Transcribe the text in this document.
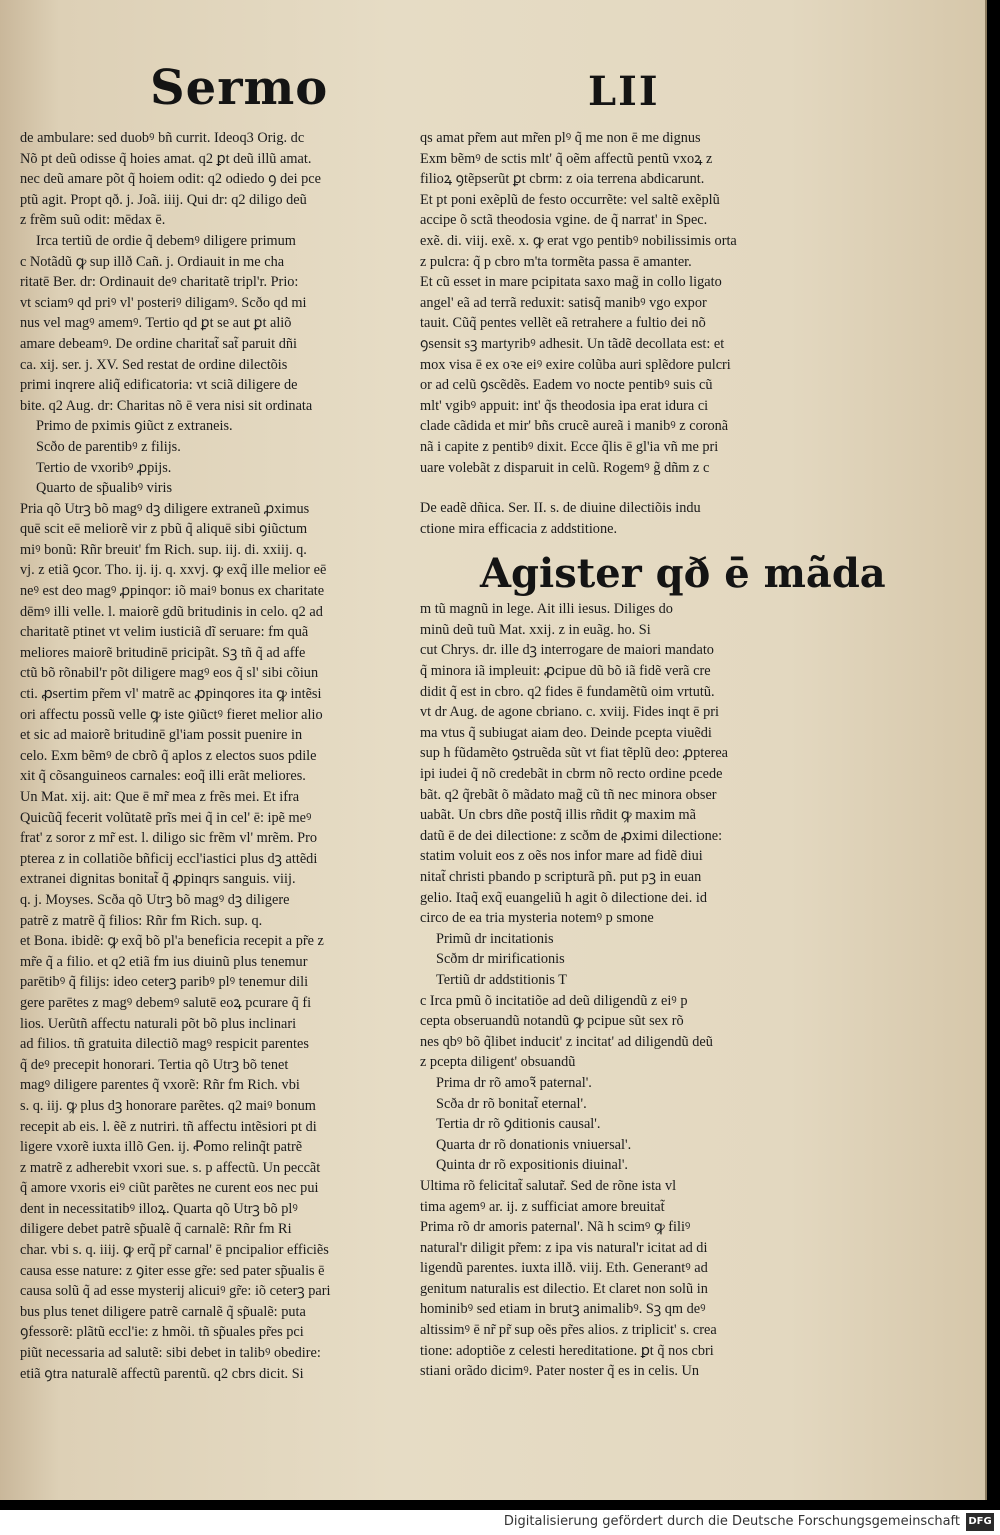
Sermo	LII

de ambulare: sed duobꝰ bñ currit. Ideoq3 Orig. dc

Nõ pt deũ odisse q̃ hoies amat. q2 ꝑt deũ illũ amat.

nec deũ amare põt q̃ hoiem odit: q2 odiedo ꝯ dei pce

ptũ agit. Propt qð. j. Joã. iiij. Qui dr: q2 diligo deũ

z frẽm suũ odit: mēdax ē.

Irca tertiũ de ordie q̃ debemꝰ diligere primum

c Notãdũ ꝙ sup illð Cañ. j. Ordiauit in me cha

ritatē Ber. dr: Ordinauit deꝰ charitatẽ tripl'r. Prio:

vt sciamꝰ qd priꝰ vl' posteriꝰ diligamꝰ. Scðo qd mi

nus vel magꝰ amemꝰ. Tertio qd ꝑt se aut ꝑt aliõ

amare debeamꝰ. De ordine charitat̃ sat̃ paruit dñi

ca. xij. ser. j. XV. Sed restat de ordine dilectõis

primi inqrere aliq̃ edificatoria: vt sciã diligere de

bite. q2 Aug. dr: Charitas nõ ē vera nisi sit ordinata

Primo de pximis ꝯiũct z extraneis.

Scðo de parentibꝰ z filijs.

Tertio de vxoribꝰ ꝓpijs.

Quarto de sp̃ualibꝰ viris

Pria qõ Utrꝫ bõ magꝰ dꝫ diligere extraneũ ꝓximus

quē scit eē meliorẽ vir z pbũ q̃ aliquē sibi ꝯiũctum

miꝰ bonũ: Rñr breuit' fm Rich. sup. iij. di. xxiij. q.

vj. z etiã ꝯcor. Tho. ij. ij. q. xxvj. ꝙ exq̃ ille melior eē

neꝰ est deo magꝰ ꝓpinqor: iõ maiꝰ bonus ex charitate

dēmꝰ illi velle. l. maiorẽ gdũ britudinis in celo. q2 ad

charitatẽ ptinet vt velim iusticiã dĩ seruare: fm quã

meliores maiorẽ britudinē pricipãt. Sꝫ tñ q̃ ad affe

ctũ bõ rõnabil'r põt diligere magꝰ eos q̃ sl' sibi cõiun

cti. ꝓsertim pr̃em vl' matrẽ ac ꝓpinqores ita ꝙ intẽsi

ori affectu possũ velle ꝙ iste ꝯiũctꝰ fieret melior alio

et sic ad maiorẽ britudinē gl'iam possit puenire in

celo. Exm bẽmꝰ de cbrõ q̃ aplos z electos suos pdile

xit q̃ cõsanguineos carnales: eoq̃ illi erãt meliores.

Un Mat. xij. ait: Que ē mr̃ mea z frẽs mei. Et ifra

Quicũq̃ fecerit volũtatẽ prĩs mei q̃ in cel' ē: ipẽ meꝰ

frat' z soror z mr̃ est. l. diligo sic frẽm vl' mrẽm. Pro

pterea z in collatiõe bñficij eccl'iastici plus dꝫ attẽdi

extranei dignitas bonitat̃ q̃ ꝓpinqrs sanguis. viij.

q. j. Moyses. Scða qõ Utrꝫ bõ magꝰ dꝫ diligere

patrẽ z matrẽ q̃ filios: Rñr fm Rich. sup. q.

et Bona. ibidẽ: ꝙ exq̃ bõ pl'a beneficia recepit a pr̃e z

mr̃e q̃ a filio. et q2 etiã fm ius diuinũ plus tenemur

parētibꝰ q̃ filijs: ideo ceterꝫ paribꝰ plꝰ tenemur dili

gere parētes z magꝰ debemꝰ salutē eoꝝ pcurare q̃ fi

lios. Uerũtñ affectu naturali põt bõ plus inclinari

ad filios. tñ gratuita dilectiõ magꝰ respicit parentes

q̃ deꝰ precepit honorari. Tertia qõ Utrꝫ bõ tenet

magꝰ diligere parentes q̃ vxorẽ: Rñr fm Rich. vbi

s. q. iij. ꝙ plus dꝫ honorare parẽtes. q2 maiꝰ bonum

recepit ab eis. l. ẽẽ z nutriri. tñ affectu intẽsiori pt di

ligere vxorẽ iuxta illõ Gen. ij. Ꝓomo relinq̃t patrẽ

z matrẽ z adherebit vxori sue. s. p affectũ. Un peccãt

q̃ amore vxoris eiꝰ ciũt parẽtes ne curent eos nec pui

dent in necessitatibꝰ illoꝝ. Quarta qõ Utrꝫ bõ plꝰ

diligere debet patrẽ sp̃ualẽ q̃ carnalẽ: Rñr fm Ri

char. vbi s. q. iiij. ꝙ erq̃ pr̃ carnal' ē pncipalior efficiẽs

causa esse nature: z ꝯiter esse gr̃e: sed pater sp̃ualis ē

causa solũ q̃ ad esse mysterij alicuiꝰ gr̃e: iõ ceterꝫ pari

bus plus tenet diligere patrẽ carnalẽ q̃ sp̃ualẽ: puta

ꝯfessorẽ: plãtũ eccl'ie: z hmõi. tñ sp̃uales pr̃es pci

piũt necessaria ad salutẽ: sibi debet in talibꝰ obedire:

etiã ꝯtra naturalẽ affectũ parentũ. q2 cbrs dicit. Si

qs amat pr̃em aut mr̃en plꝰ q̃ me non ē me dignus

Exm bẽmꝰ de sctis mlt' q̃ oẽm affectũ pentũ vxoꝝ z

filioꝝ ꝯtẽpserũt ꝑt cbrm: z oia terrena abdicarunt.

Et pt poni exẽplũ de festo occurrẽte: vel saltẽ exẽplũ

accipe õ sctã theodosia vgine. de q̃ narrat' in Spec.

exẽ. di. viij. exẽ. x. ꝙ erat vgo pentibꝰ nobilissimis orta

z pulcra: q̃ p cbro m'ta tormẽta passa ē amanter.

Et cũ esset in mare pcipitata saxo mag̃ in collo ligato

angel' eã ad terrã reduxit: satisq̃ manibꝰ vgo expor

tauit. Cũq̃ pentes vellẽt eã retrahere a fultio dei nõ

ꝯsensit sꝫ martyribꝰ adhesit. Un tãdẽ decollata est: et

mox visa ē ex oꝛe eiꝰ exire colũba auri splẽdore pulcri

or ad celũ ꝯscẽdẽs. Eadem vo nocte pentibꝰ suis cũ

mlt' vgibꝰ appuit: int' q̃s theodosia ipa erat idura ci

clade cãdida et mir' bñs crucẽ aureã i manibꝰ z coronã

nã i capite z pentibꝰ dixit. Ecce q̃lis ē gl'ia vñ me pri

uare volebãt z disparuit in celũ. Rogemꝰ g̃ dñm z c

De eadẽ dñica. Ser. II. s. de diuine dilectiõis indu

ctione mira efficacia z addstitione.

Agister qð ē mãda

m tũ magnũ in lege. Ait illi iesus. Diliges do

minũ deũ tuũ Mat. xxij. z in euãg. ho. Si

cut Chrys. dr. ille dꝫ interrogare de maiori mandato

q̃ minora iã impleuit: ꝓcipue dũ bõ iã fidẽ verã cre

didit q̃ est in cbro. q2 fides ē fundamẽtũ oim vrtutũ.

vt dr Aug. de agone cbriano. c. xviij. Fides inqt ē pri

ma vtus q̃ subiugat aiam deo. Deinde pcepta viuẽdi

sup h fũdamẽto ꝯstruẽda sũt vt fiat tẽplũ deo: ꝓpterea

ipi iudei q̃ nõ credebãt in cbrm nõ recto ordine pcede

bãt. q2 q̃rebãt õ mãdato mag̃ cũ tñ nec minora obser

uabãt. Un cbrs dñe postq̃ illis rñdit ꝙ maxim mã

datũ ē de dei dilectione: z scðm de ꝓximi dilectione:

statim voluit eos z oẽs nos infor mare ad fidẽ diui

nitat̃ christi pbando p scripturã pñ. put pꝫ in euan

gelio. Itaq̃ exq̃ euangeliũ h agit õ dilectione dei. id

circo de ea tria mysteria notemꝰ p smone

Primũ dr incitationis

Scðm dr mirificationis

Tertiũ dr addstitionis T

c Irca pmũ õ incitatiõe ad deũ diligendũ z eiꝰ p

cepta obseruandũ notandũ ꝙ pcipue sũt sex rõ

nes qbꝰ bõ q̃libet inducit' z incitat' ad diligendũ deũ

z pcepta diligent' obsuandũ

Prima dr rõ amoꝛ̃ paternal'.

Scða dr rõ bonitat̃ eternal'.

Tertia dr rõ ꝯditionis causal'.

Quarta dr rõ donationis vniuersal'.

Quinta dr rõ expositionis diuinal'.

Ultima rõ felicitat̃ salutar̃. Sed de rõne ista vl

tima agemꝰ ar. ij. z sufficiat amore breuitat̃

Prima rõ dr amoris paternal'. Nã h scimꝰ ꝙ filiꝰ

natural'r diligit pr̃em: z ipa vis natural'r icitat ad di

ligendũ parentes. iuxta illð. viij. Eth. Generantꝰ ad

genitum naturalis est dilectio. Et claret non solũ in

hominibꝰ sed etiam in brutꝫ animalibꝰ. Sꝫ qm deꝰ

altissimꝰ ē nr̃ pr̃ sup oẽs pr̃es alios. z triplicit' s. crea

tione: adoptiõe z celesti hereditatione. ꝑt q̃ nos cbri

stiani orãdo dicimꝰ. Pater noster q̃ es in celis. Un

Digitalisierung gefördert durch die Deutsche Forschungsgemeinschaft DFG
